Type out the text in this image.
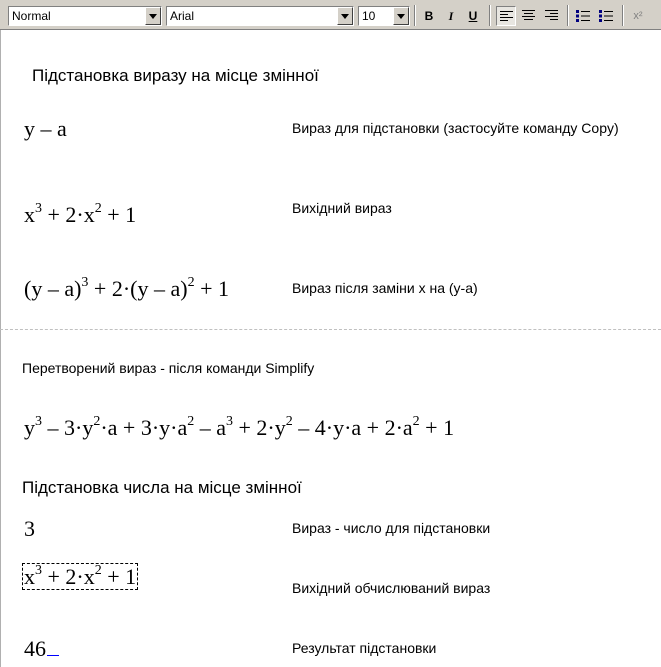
Normal	Arial	10	B	I	U	x²
Підстановка виразу на місце змінної
y – a	Вираз для підстановки (застосуйте команду Copy)
$x^3 + 2\cdot x^2 + 1$	Вихідний вираз
(y – a)$^3$ + 2·(y – a)$^2$ + 1	Вираз після заміни x на (y-a)
Перетворений вираз - після команди Simplify
$y^3 - 3\cdot y^2\cdot a + 3\cdot y\cdot a^2 - a^3 + 2\cdot y^2 - 4\cdot y\cdot a + 2\cdot a^2 + 1$
Підстановка числа на місце змінної
3	Вираз - число для підстановки
$x^3 + 2\cdot x^2 + 1$	Вихідний обчислюваний вираз
46	Результат підстановки
